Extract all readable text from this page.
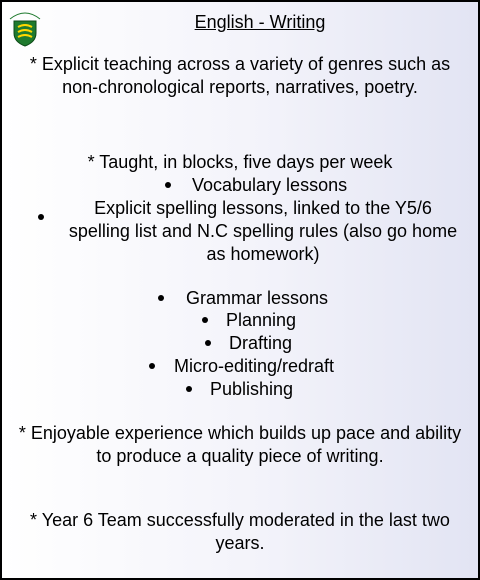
English - Writing
* Explicit teaching across a variety of genres such as non-chronological reports, narratives, poetry.
* Taught, in blocks, five days per week
Vocabulary lessons
Explicit spelling lessons, linked to the Y5/6 spelling list and N.C spelling rules (also go home as homework)
Grammar lessons
Planning
Drafting
Micro-editing/redraft
Publishing
* Enjoyable experience which builds up pace and ability to produce a quality piece of writing.
* Year 6 Team successfully moderated in the last two years.
